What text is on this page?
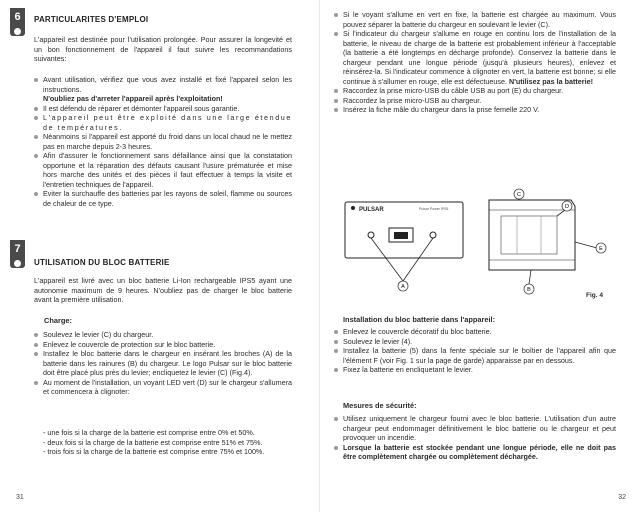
6	PARTICULARITES D'EMPLOI
L'appareil est destinée pour l'utilisation prolongée. Pour assurer la longevité et un bon fonctionnement de l'appareil il faut suivre les recommandations suivantes:
Avant utilisation, vérifiez que vous avez installé et fixé l'appareil selon les instructions.
N'oubliez pas d'arreter l'appareil après l'exploitation!
Il est défendu de réparer et démonter l'appareil sous garantie.
L'appareil peut être exploité dans une large étendue de températures.
Néanmoins si l'appareil est apporté du froid dans un local chaud ne le mettez pas en marche depuis 2-3 heures.
Afin d'assurer le fonctionnement sans défaillance ainsi que la constatation opportune et la réparation des défauts causant l'usure prématurée et mise hors marche des unités et des pièces il faut effectuer à temps la visite et l'entretien techniques de l'appareil.
Eviter la surchauffe des batteries par les rayons de soleil, flamme ou sources de chaleur de ce type.
7
UTILISATION DU BLOC BATTERIE
L'appareil est livré avec un bloc batterie Li-Ion rechargeable IPS5 ayant une autonomie maximum de 9 heures. N'oubliez pas de charger le bloc batterie avant la première utilisation.
Charge:
Soulevez le levier (C) du chargeur.
Enlevez le couvercle de protection sur le bloc batterie.
Installez le bloc batterie dans le chargeur en insérant les broches (A) de la batterie dans les rainures (B) du chargeur. Le logo Pulsar sur le bloc batterie doit être placé plus près du levier; encliquetez le levier (C) (Fig.4).
Au moment de l'installation, un voyant LED vert (D) sur le chargeur s'allumera et commencera à clignoter:
- une fois si la charge de la batterie est comprise entre 0% et 50%.
- deux fois si la charge de la batterie est comprise entre 51% et 75%.
- trois fois si la charge de la batterie est comprise entre 75% et 100%.
31
Si le voyant s'allume en vert en fixe, la batterie est chargée au maximum. Vous pouvez séparer la batterie du chargeur en soulevant le levier (C).
Si l'indicateur du chargeur s'allume en rouge en continu lors de l'installation de la batterie, le niveau de charge de la batterie est probablement inférieur à l'acceptable (la batterie a été longtemps en décharge profonde). Conservez la batterie dans le chargeur pendant une longue période (jusqu'à plusieurs heures), enlevez et réinsérez-la. Si l'indicateur commence à clignoter en vert, la batterie est bonne; si elle continue à s'allumer en rouge, elle est défectueuse. N'utilisez pas la batterie!
Raccordez la prise micro-USB du câble USB au port (E) du chargeur.
Raccordez la prise micro-USB au chargeur.
Insérez la fiche mâle du chargeur dans la prise femelle 220 V.
PULSAR	Pulsar Power IPS5
A
C
D
E
B
Fig. 4
Installation du bloc batterie dans l'appareil:
Enlevez le couvercle décoratif du bloc batterie.
Soulevez le levier (4).
Installez la batterie (5) dans la fente spéciale sur le boîtier de l'appareil afin que l'élément F (voir Fig. 1 sur la page de garde) apparaisse par en dessous.
Fixez la batterie en encliquetant le levier.
Mesures de sécurité:
Utilisez uniquement le chargeur fourni avec le bloc batterie. L'utilisation d'un autre chargeur peut endommager définitivement le bloc batterie ou le chargeur et peut provoquer un incendie.
Lorsque la batterie est stockée pendant une longue période, elle ne doit pas être complètement chargée ou complètement déchargée.
32
